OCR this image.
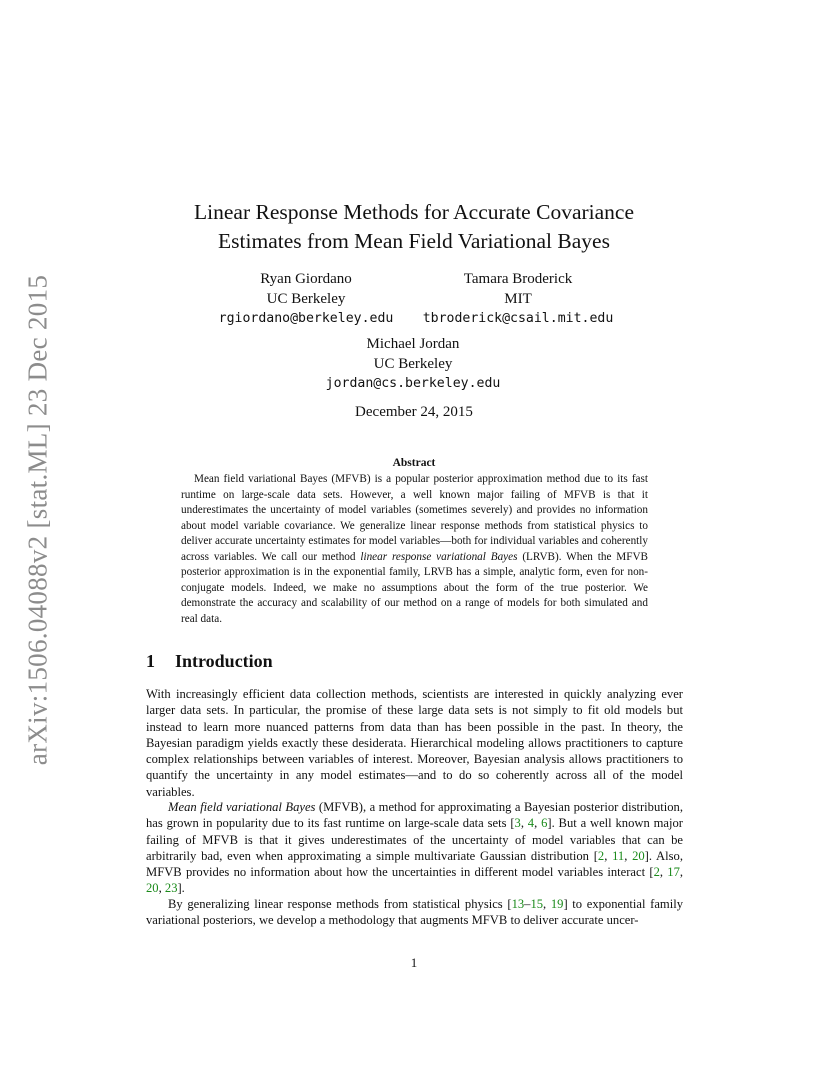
arXiv:1506.04088v2 [stat.ML] 23 Dec 2015
Linear Response Methods for Accurate Covariance
Estimates from Mean Field Variational Bayes
Ryan Giordano
UC Berkeley
rgiordano@berkeley.edu
Tamara Broderick
MIT
tbroderick@csail.mit.edu
Michael Jordan
UC Berkeley
jordan@cs.berkeley.edu
December 24, 2015
Abstract

Mean field variational Bayes (MFVB) is a popular posterior approximation method due to its fast runtime on large-scale data sets. However, a well known major failing of MFVB is that it underestimates the uncertainty of model variables (sometimes severely) and provides no information about model variable covariance. We generalize linear response methods from statistical physics to deliver accurate uncertainty estimates for model variables—both for individual variables and coherently across variables. We call our method linear response variational Bayes (LRVB). When the MFVB posterior approximation is in the exponential family, LRVB has a simple, analytic form, even for non-conjugate models. Indeed, we make no assumptions about the form of the true posterior. We demonstrate the accuracy and scalability of our method on a range of models for both simulated and real data.

1 Introduction

With increasingly efficient data collection methods, scientists are interested in quickly analyzing ever larger data sets. In particular, the promise of these large data sets is not simply to fit old models but instead to learn more nuanced patterns from data than has been possible in the past. In theory, the Bayesian paradigm yields exactly these desiderata. Hierarchical modeling allows practitioners to capture complex relationships between variables of interest. Moreover, Bayesian analysis allows practitioners to quantify the uncertainty in any model estimates—and to do so coherently across all of the model variables.

Mean field variational Bayes (MFVB), a method for approximating a Bayesian posterior distribution, has grown in popularity due to its fast runtime on large-scale data sets [3, 4, 6]. But a well known major failing of MFVB is that it gives underestimates of the uncertainty of model variables that can be arbitrarily bad, even when approximating a simple multivariate Gaussian distribution [2, 11, 20]. Also, MFVB provides no information about how the uncertainties in different model variables interact [2, 17, 20, 23].

By generalizing linear response methods from statistical physics [13–15, 19] to exponential family variational posteriors, we develop a methodology that augments MFVB to deliver accurate uncer-

1
